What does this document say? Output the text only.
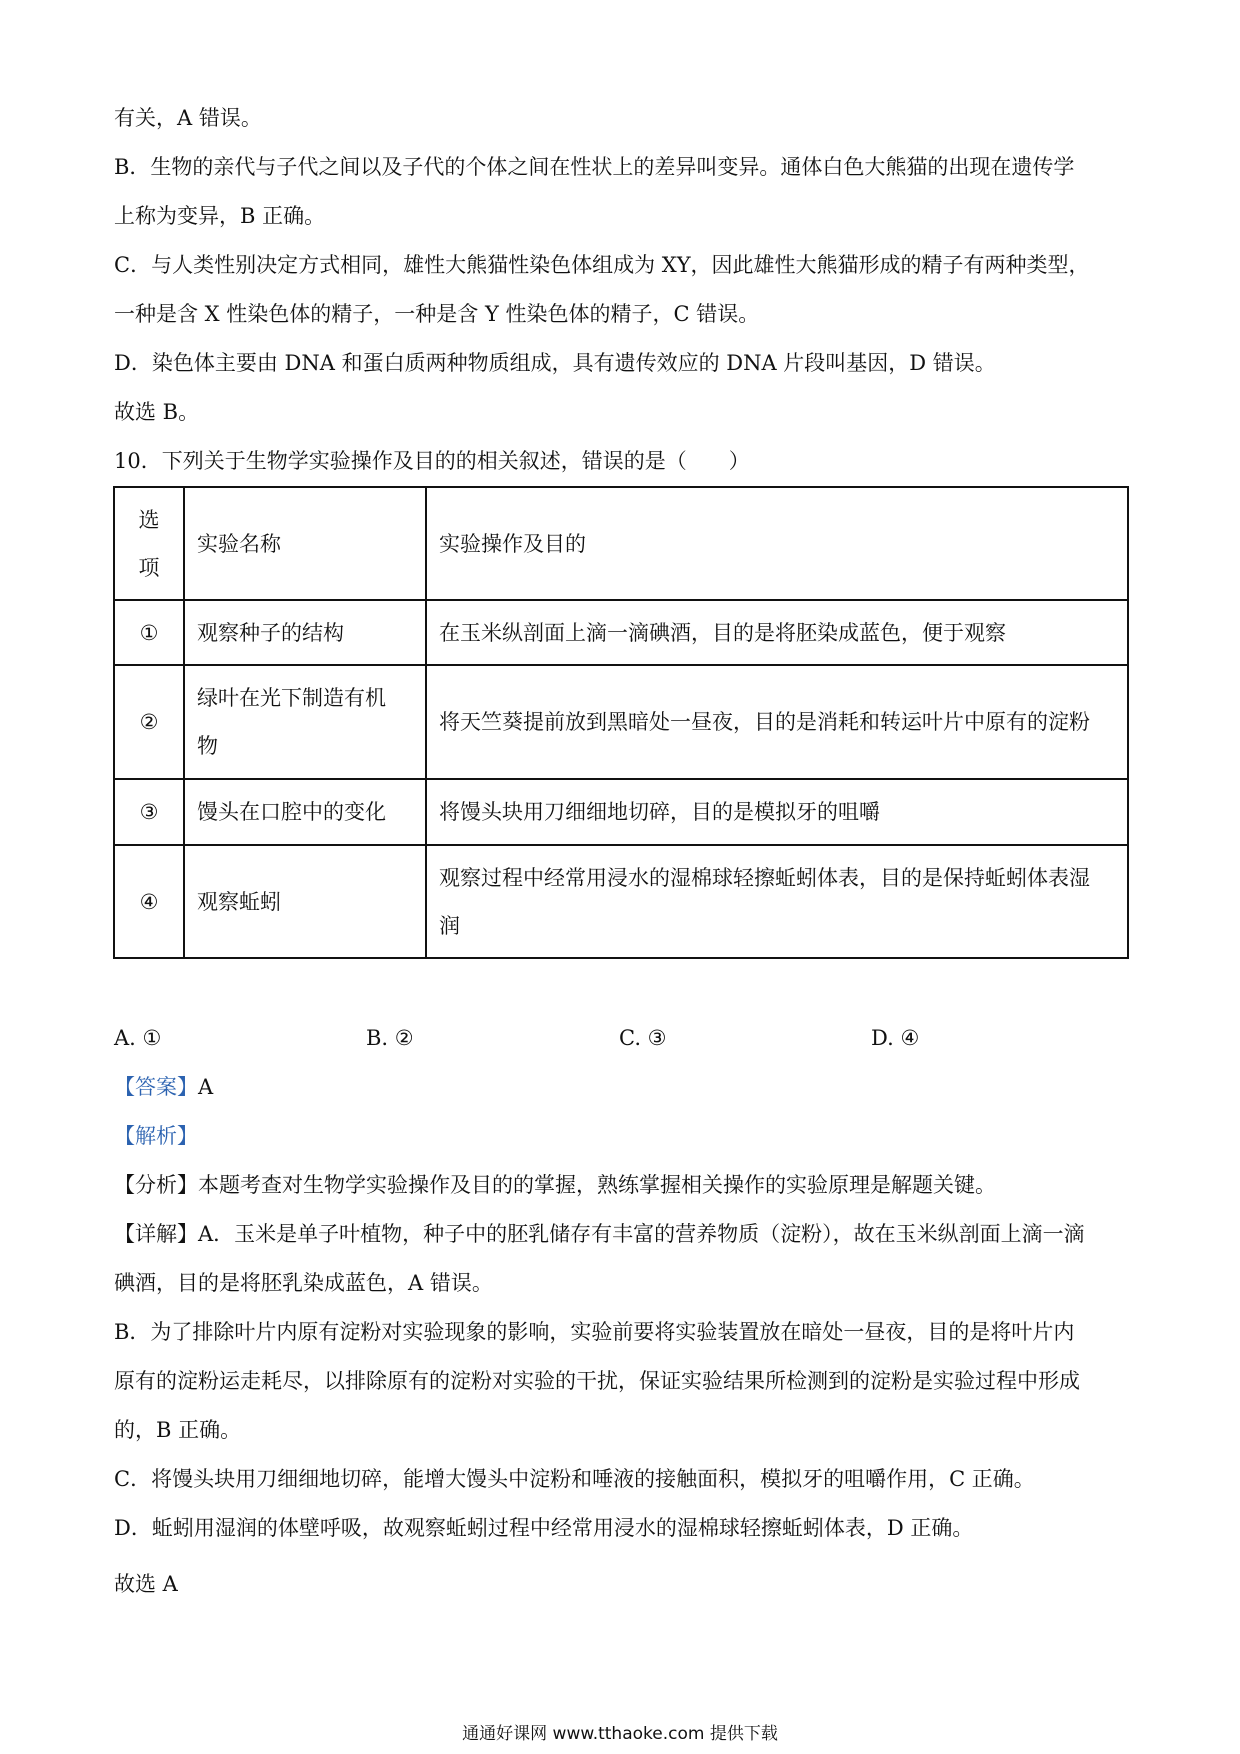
有关，A 错误。
B．生物的亲代与子代之间以及子代的个体之间在性状上的差异叫变异。通体白色大熊猫的出现在遗传学
上称为变异，B 正确。
C．与人类性别决定方式相同，雄性大熊猫性染色体组成为 XY，因此雄性大熊猫形成的精子有两种类型，
一种是含 X 性染色体的精子，一种是含 Y 性染色体的精子，C 错误。
D．染色体主要由 DNA 和蛋白质两种物质组成，具有遗传效应的 DNA 片段叫基因，D 错误。
故选 B。
10．下列关于生物学实验操作及目的的相关叙述，错误的是（　　）
选
项	实验名称	实验操作及目的
①	观察种子的结构	在玉米纵剖面上滴一滴碘酒，目的是将胚染成蓝色，便于观察

②	绿叶在光下制造有机
物	将天竺葵提前放到黑暗处一昼夜，目的是消耗和转运叶片中原有的淀粉

③	馒头在口腔中的变化	将馒头块用刀细细地切碎，目的是模拟牙的咀嚼

④	观察蚯蚓	观察过程中经常用浸水的湿棉球轻擦蚯蚓体表，目的是保持蚯蚓体表湿
润
A. ①	B. ②	C. ③	D. ④
【答案】A
【解析】
【分析】本题考查对生物学实验操作及目的的掌握，熟练掌握相关操作的实验原理是解题关键。
【详解】A．玉米是单子叶植物，种子中的胚乳储存有丰富的营养物质（淀粉），故在玉米纵剖面上滴一滴
碘酒，目的是将胚乳染成蓝色，A 错误。
B．为了排除叶片内原有淀粉对实验现象的影响，实验前要将实验装置放在暗处一昼夜，目的是将叶片内
原有的淀粉运走耗尽，以排除原有的淀粉对实验的干扰，保证实验结果所检测到的淀粉是实验过程中形成
的，B 正确。
C．将馒头块用刀细细地切碎，能增大馒头中淀粉和唾液的接触面积，模拟牙的咀嚼作用，C 正确。
D．蚯蚓用湿润的体壁呼吸，故观察蚯蚓过程中经常用浸水的湿棉球轻擦蚯蚓体表，D 正确。
故选 A
通通好课网 www.tthaoke.com 提供下载
